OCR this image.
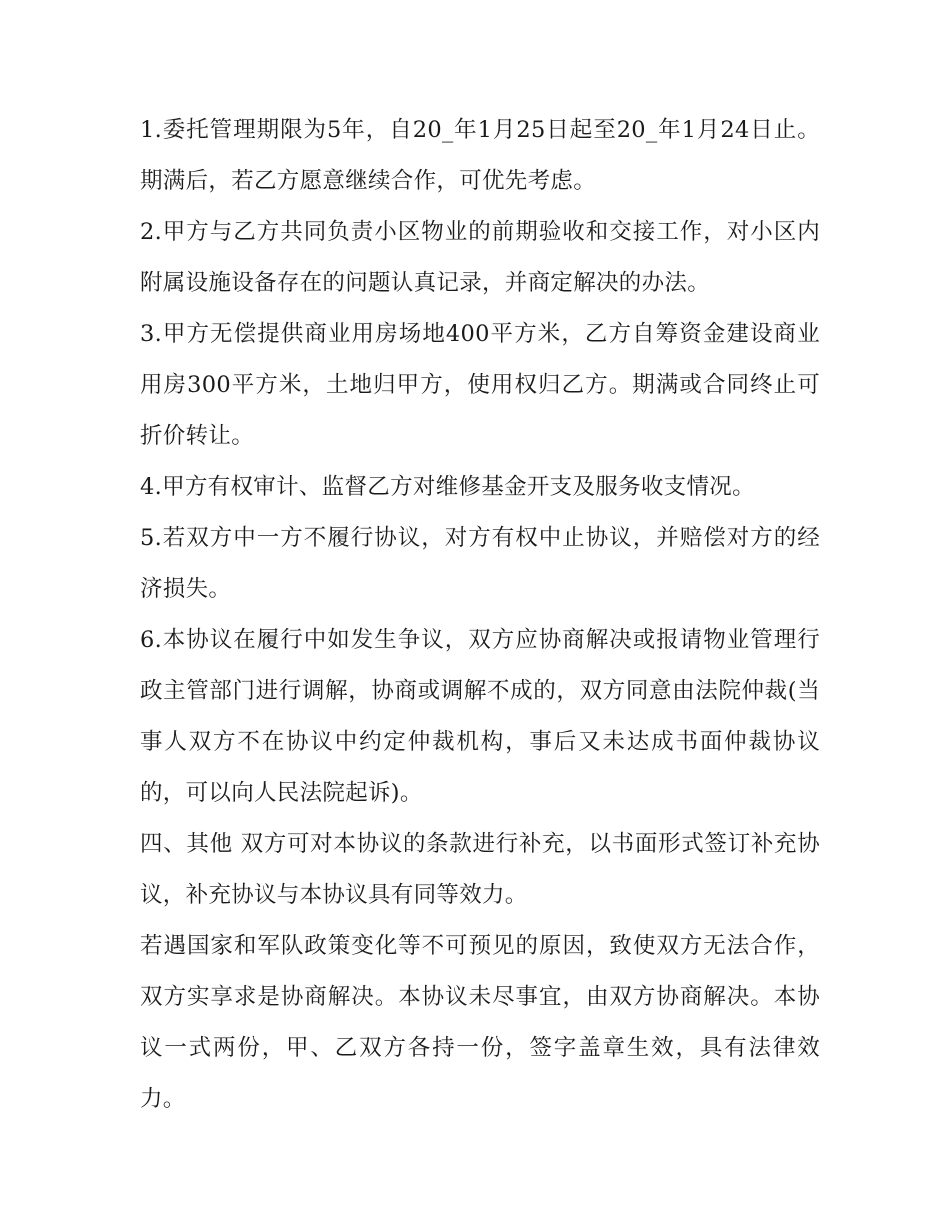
1.委托管理期限为5年，自20_年1月25日起至20_年1月24日止。期满后，若乙方愿意继续合作，可优先考虑。

2.甲方与乙方共同负责小区物业的前期验收和交接工作，对小区内附属设施设备存在的问题认真记录，并商定解决的办法。

3.甲方无偿提供商业用房场地400平方米，乙方自筹资金建设商业用房300平方米，土地归甲方，使用权归乙方。期满或合同终止可折价转让。

4.甲方有权审计、监督乙方对维修基金开支及服务收支情况。

5.若双方中一方不履行协议，对方有权中止协议，并赔偿对方的经济损失。

6.本协议在履行中如发生争议，双方应协商解决或报请物业管理行政主管部门进行调解，协商或调解不成的，双方同意由法院仲裁(当事人双方不在协议中约定仲裁机构，事后又未达成书面仲裁协议的，可以向人民法院起诉)。

四、其他 双方可对本协议的条款进行补充，以书面形式签订补充协议，补充协议与本协议具有同等效力。

若遇国家和军队政策变化等不可预见的原因，致使双方无法合作，双方实享求是协商解决。本协议未尽事宜，由双方协商解决。本协议一式两份，甲、乙双方各持一份，签字盖章生效，具有法律效力。
